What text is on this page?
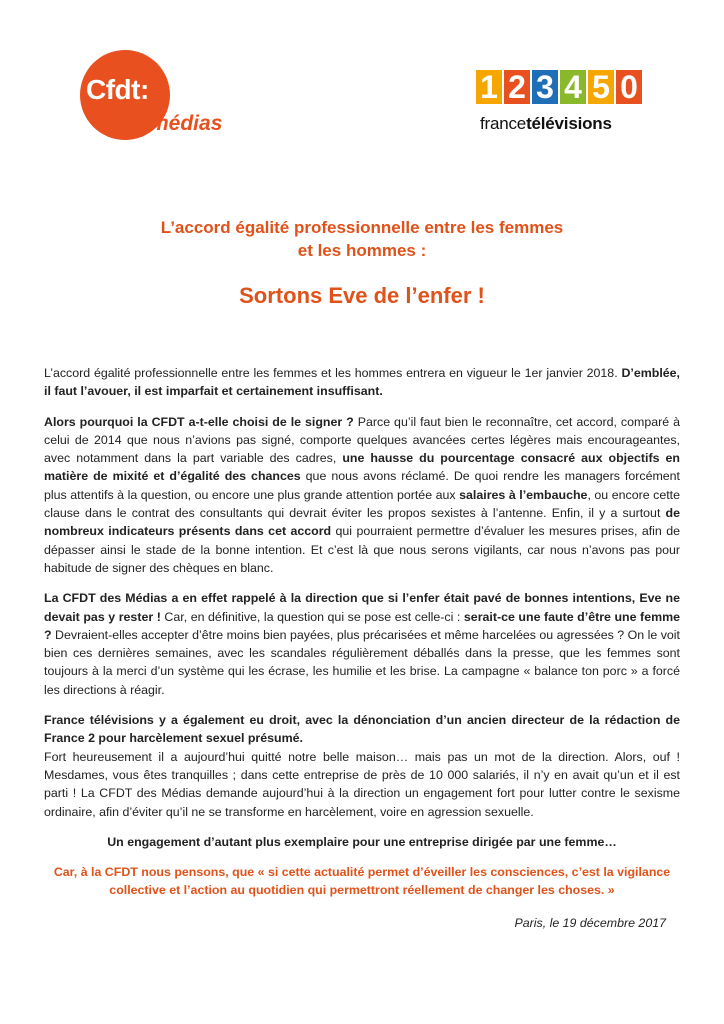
Cfdt:
médias
1 2 3 4 5 0
francetélévisions
L’accord égalité professionnelle entre les femmes
et les hommes :
Sortons Eve de l’enfer !

L’accord égalité professionnelle entre les femmes et les hommes entrera en vigueur le 1er janvier 2018. D’emblée, il faut l’avouer, il est imparfait et certainement insuffisant.

Alors pourquoi la CFDT a-t-elle choisi de le signer ? Parce qu’il faut bien le reconnaître, cet accord, comparé à celui de 2014 que nous n’avions pas signé, comporte quelques avancées certes légères mais encourageantes, avec notamment dans la part variable des cadres, une hausse du pourcentage consacré aux objectifs en matière de mixité et d’égalité des chances que nous avons réclamé. De quoi rendre les managers forcément plus attentifs à la question, ou encore une plus grande attention portée aux salaires à l’embauche, ou encore cette clause dans le contrat des consultants qui devrait éviter les propos sexistes à l’antenne. Enfin, il y a surtout de nombreux indicateurs présents dans cet accord qui pourraient permettre d’évaluer les mesures prises, afin de dépasser ainsi le stade de la bonne intention. Et c’est là que nous serons vigilants, car nous n’avons pas pour habitude de signer des chèques en blanc.

La CFDT des Médias a en effet rappelé à la direction que si l’enfer était pavé de bonnes intentions, Eve ne devait pas y rester ! Car, en définitive, la question qui se pose est celle-ci : serait-ce une faute d’être une femme ? Devraient-elles accepter d’être moins bien payées, plus précarisées et même harcelées ou agressées ? On le voit bien ces dernières semaines, avec les scandales régulièrement déballés dans la presse, que les femmes sont toujours à la merci d’un système qui les écrase, les humilie et les brise. La campagne « balance ton porc » a forcé les directions à réagir.

France télévisions y a également eu droit, avec la dénonciation d’un ancien directeur de la rédaction de France 2 pour harcèlement sexuel présumé.
Fort heureusement il a aujourd’hui quitté notre belle maison… mais pas un mot de la direction. Alors, ouf ! Mesdames, vous êtes tranquilles ; dans cette entreprise de près de 10 000 salariés, il n’y en avait qu’un et il est parti ! La CFDT des Médias demande aujourd’hui à la direction un engagement fort pour lutter contre le sexisme ordinaire, afin d’éviter qu’il ne se transforme en harcèlement, voire en agression sexuelle.

Un engagement d’autant plus exemplaire pour une entreprise dirigée par une femme…

Car, à la CFDT nous pensons, que « si cette actualité permet d’éveiller les consciences, c’est la vigilance collective et l’action au quotidien qui permettront réellement de changer les choses. »

Paris, le 19 décembre 2017
